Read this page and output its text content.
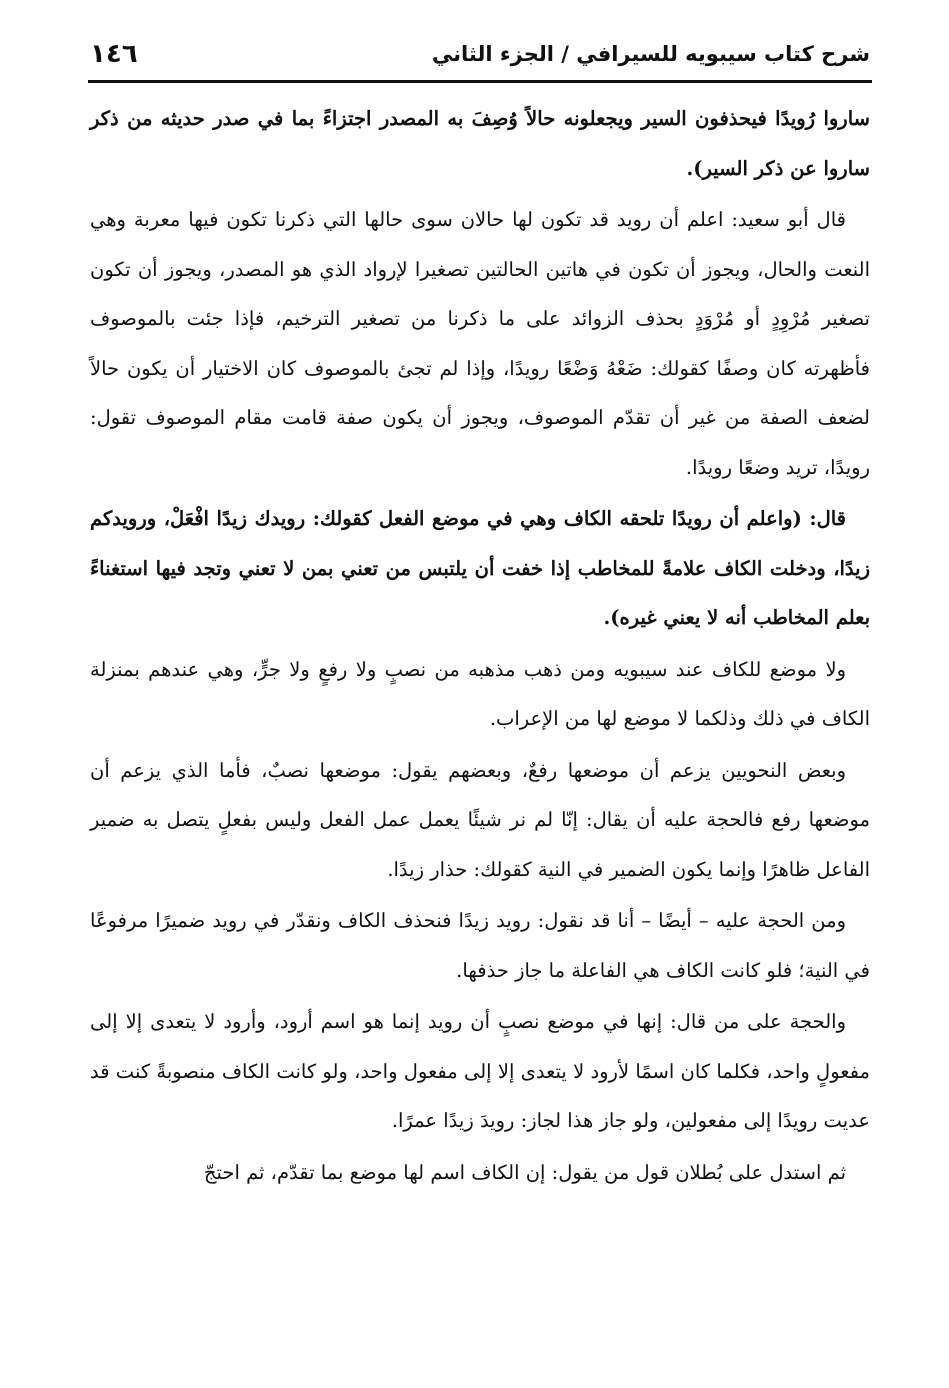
شرح كتاب سيبويه للسيرافي / الجزء الثاني
١٤٦

ساروا رُويدًا فيحذفون السير ويجعلونه حالاً وُصِفَ به المصدر اجتزاءً بما في صدر حديثه من ذكر ساروا عن ذكر السير).

قال أبو سعيد: اعلم أن رويد قد تكون لها حالان سوى حالها التي ذكرنا تكون فيها معربة وهي النعت والحال، ويجوز أن تكون في هاتين الحالتين تصغيرا لإرواد الذي هو المصدر، ويجوز أن تكون تصغير مُرْوِدٍ أو مُرْوَدٍ بحذف الزوائد على ما ذكرنا من تصغير الترخيم، فإذا جئت بالموصوف فأظهرته كان وصفًا كقولك: ضَعْهُ وَضْعًا رويدًا، وإذا لم تجئ بالموصوف كان الاختيار أن يكون حالاً لضعف الصفة من غير أن تقدّم الموصوف، ويجوز أن يكون صفة قامت مقام الموصوف تقول: رويدًا، تريد وضعًا رويدًا.

قال: (واعلم أن رويدًا تلحقه الكاف وهي في موضع الفعل كقولك: رويدك زيدًا افْعَلْ، ورويدكم زيدًا، ودخلت الكاف علامةً للمخاطب إذا خفت أن يلتبس من تعني بمن لا تعني وتجد فيها استغناءً بعلم المخاطب أنه لا يعني غيره).

ولا موضع للكاف عند سيبويه ومن ذهب مذهبه من نصبٍ ولا رفعٍ ولا جرٍّ، وهي عندهم بمنزلة الكاف في ذلك وذلكما لا موضع لها من الإعراب.

وبعض النحويين يزعم أن موضعها رفعٌ، وبعضهم يقول: موضعها نصبٌ، فأما الذي يزعم أن موضعها رفع فالحجة عليه أن يقال: إنّا لم نر شيئًا يعمل عمل الفعل وليس بفعلٍ يتصل به ضمير الفاعل ظاهرًا وإنما يكون الضمير في النية كقولك: حذار زيدًا.

ومن الحجة عليه – أيضًا – أنا قد نقول: رويد زيدًا فنحذف الكاف ونقدّر في رويد ضميرًا مرفوعًا في النية؛ فلو كانت الكاف هي الفاعلة ما جاز حذفها.

والحجة على من قال: إنها في موضع نصبٍ أن رويد إنما هو اسم أرود، وأرود لا يتعدى إلا إلى مفعولٍ واحد، فكلما كان اسمًا لأرود لا يتعدى إلا إلى مفعول واحد، ولو كانت الكاف منصوبةً كنت قد عديت رويدًا إلى مفعولين، ولو جاز هذا لجاز: رويدَ زيدًا عمرًا.

ثم استدل على بُطلان قول من يقول: إن الكاف اسم لها موضع بما تقدّم، ثم احتجّ
